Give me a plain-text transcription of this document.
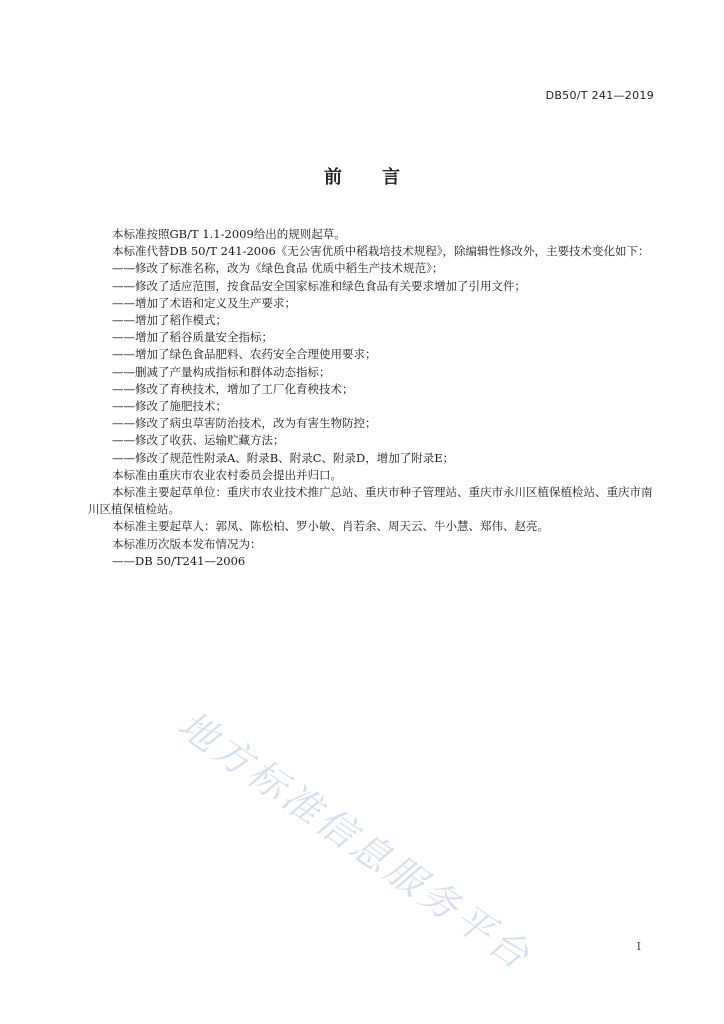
DB50/T 241—2019
前言
本标准按照GB/T 1.1-2009给出的规则起草。
本标准代替DB 50/T 241-2006《无公害优质中稻栽培技术规程》，除编辑性修改外，主要技术变化如下：
——修改了标准名称，改为《绿色食品 优质中稻生产技术规范》；
——修改了适应范围，按食品安全国家标准和绿色食品有关要求增加了引用文件；
——增加了术语和定义及生产要求；
——增加了稻作模式；
——增加了稻谷质量安全指标；
——增加了绿色食品肥料、农药安全合理使用要求；
——删减了产量构成指标和群体动态指标；
——修改了育秧技术，增加了工厂化育秧技术；
——修改了施肥技术；
——修改了病虫草害防治技术，改为有害生物防控；
——修改了收获、运输贮藏方法；
——修改了规范性附录A、附录B、附录C、附录D，增加了附录E；
本标准由重庆市农业农村委员会提出并归口。
本标准主要起草单位：重庆市农业技术推广总站、重庆市种子管理站、重庆市永川区植保植检站、重庆市南川区植保植检站。
本标准主要起草人：郭凤、陈松柏、罗小敏、肖若余、周天云、牛小慧、郑伟、赵亮。
本标准历次版本发布情况为：
——DB 50/T241—2006
地方标准信息服务平台	I
